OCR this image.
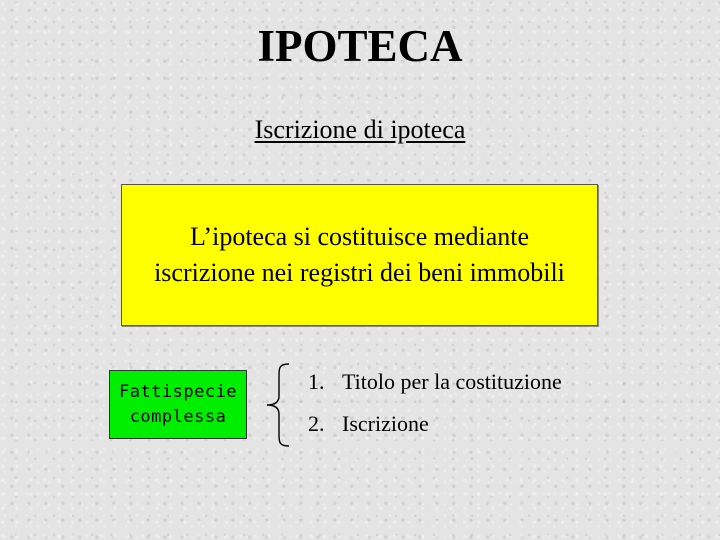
IPOTECA
Iscrizione di ipoteca
L’ipoteca si costituisce mediante iscrizione nei registri dei beni immobili
Fattispecie complessa
1. Titolo per la costituzione
2. Iscrizione
